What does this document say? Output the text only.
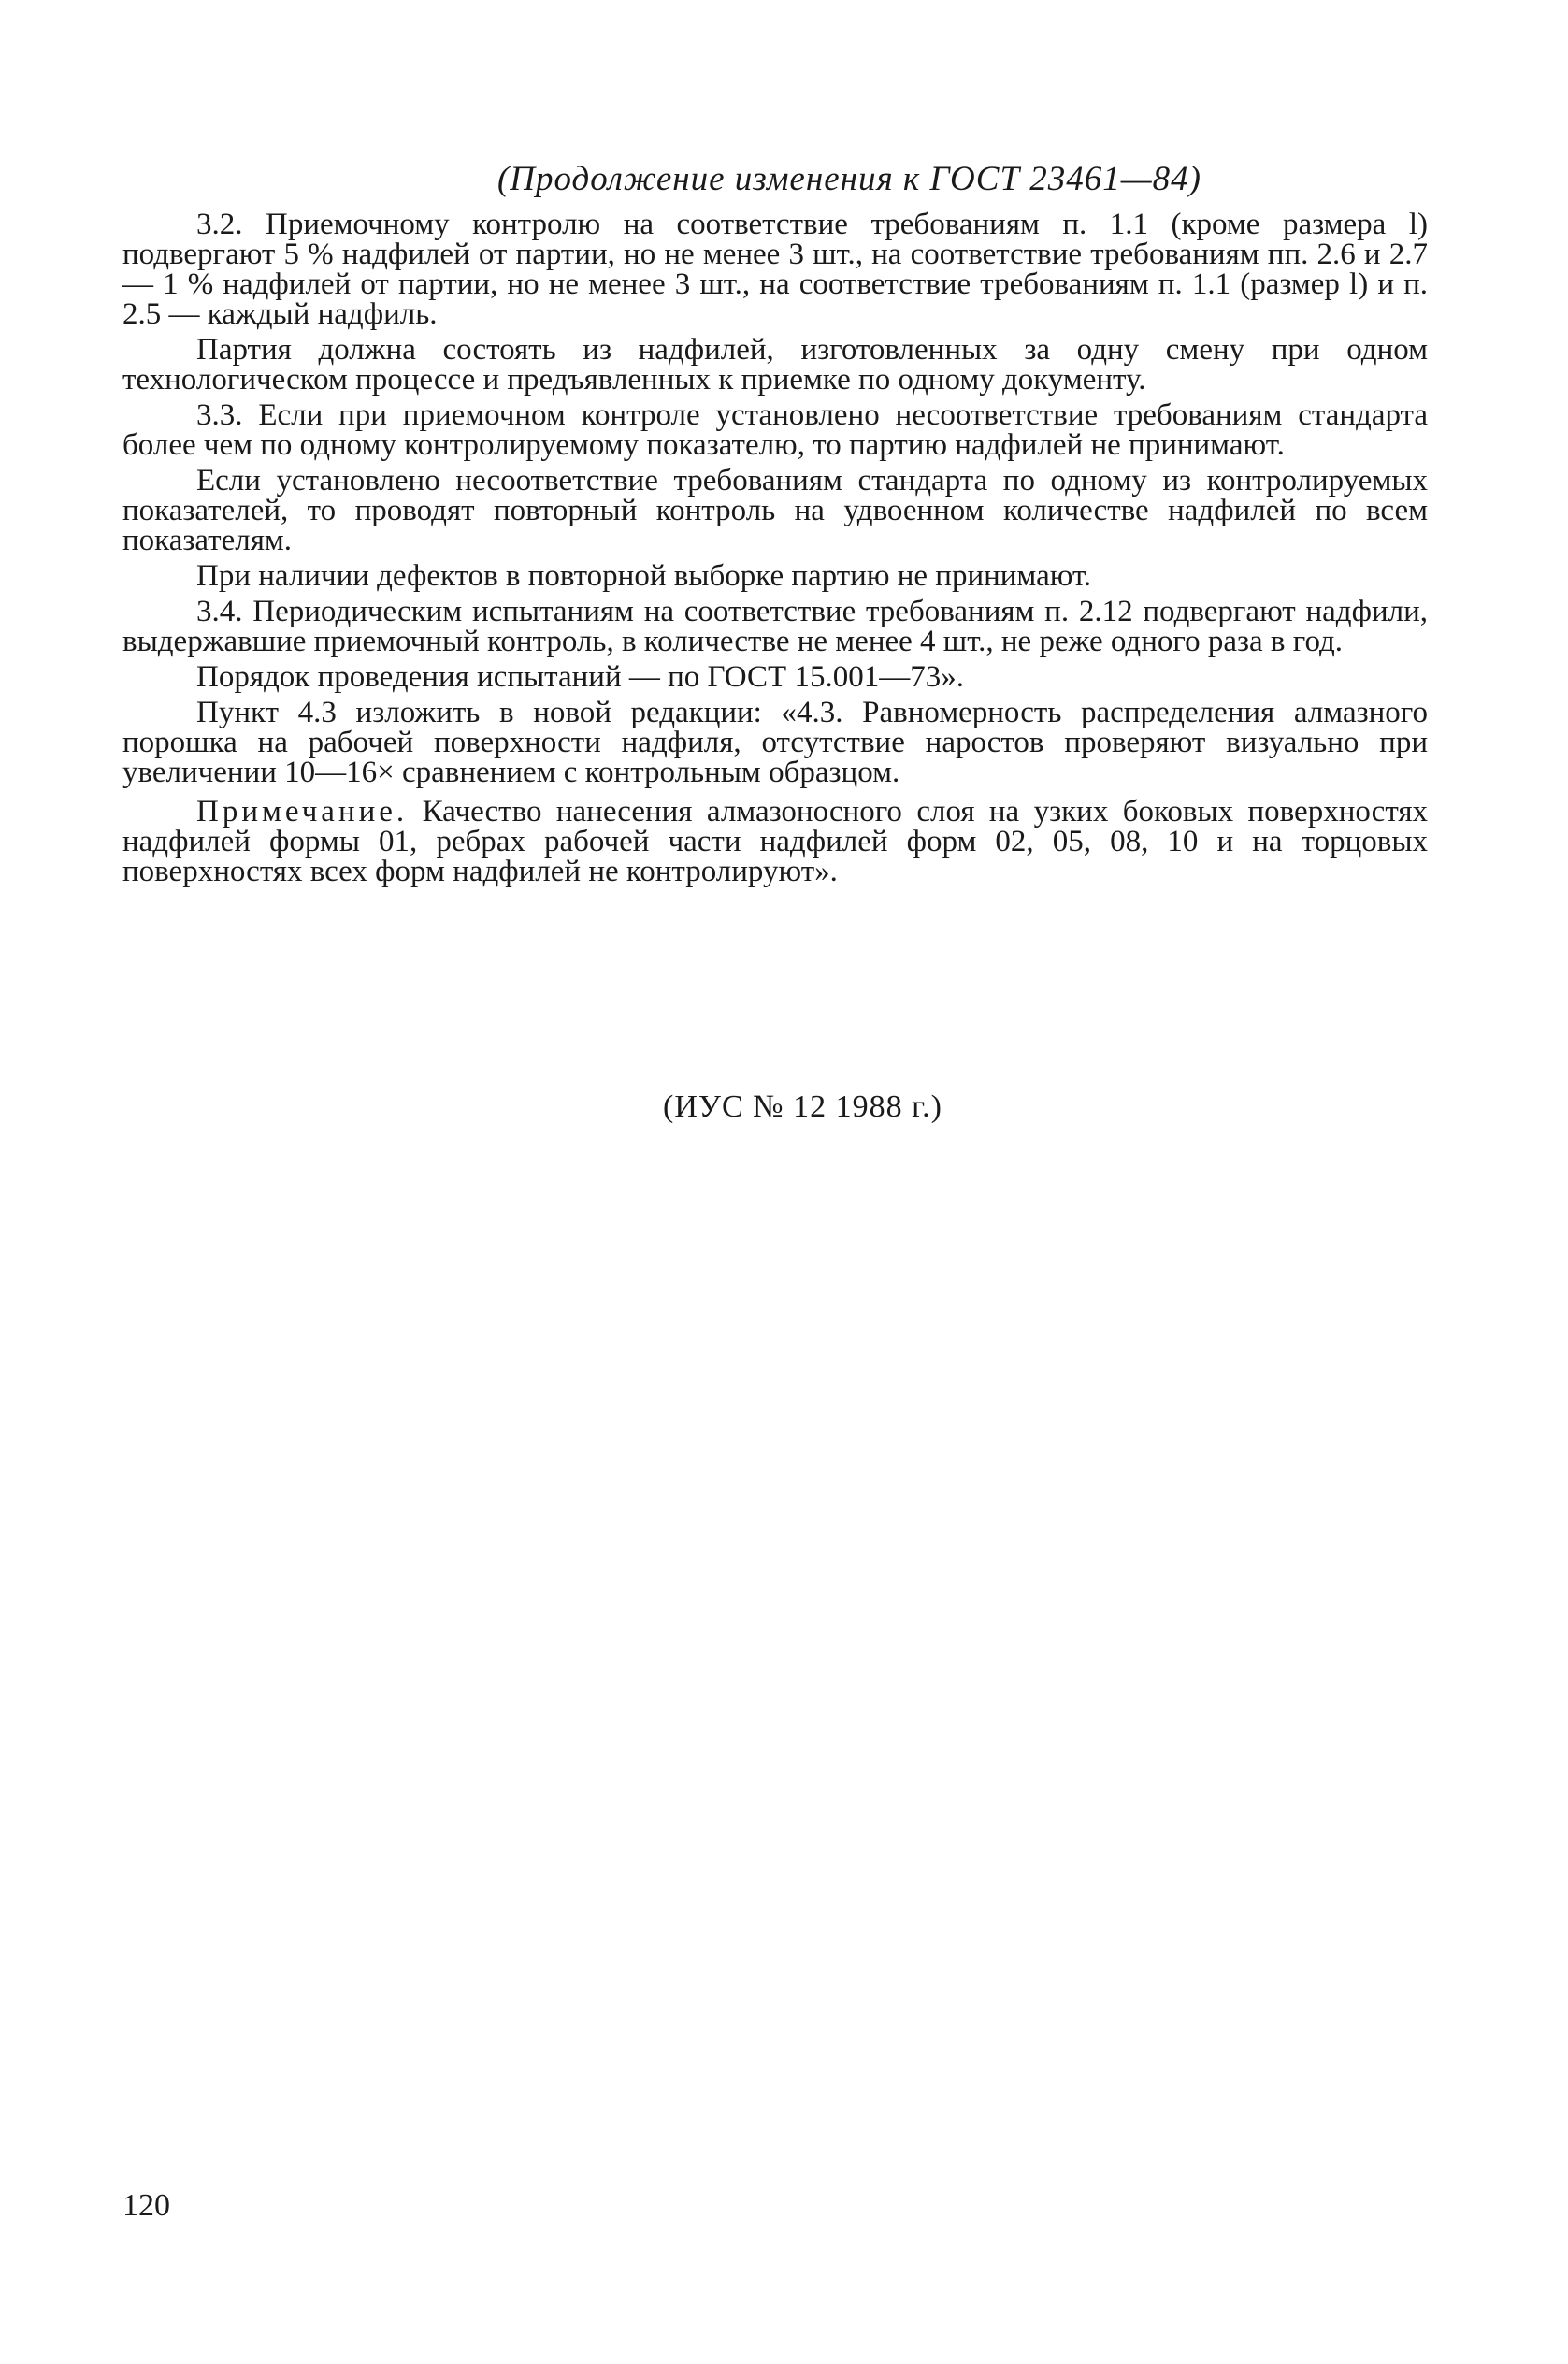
(Продолжение изменения к ГОСТ 23461—84)

3.2. Приемочному контролю на соответствие требованиям п. 1.1 (кроме размера l) подвергают 5 % надфилей от партии, но не менее 3 шт., на соответствие требованиям пп. 2.6 и 2.7 — 1 % надфилей от партии, но не менее 3 шт., на соответствие требованиям п. 1.1 (размер l) и п. 2.5 — каждый надфиль.

Партия должна состоять из надфилей, изготовленных за одну смену при одном технологическом процессе и предъявленных к приемке по одному документу.

3.3. Если при приемочном контроле установлено несоответствие требованиям стандарта более чем по одному контролируемому показателю, то партию надфилей не принимают.

Если установлено несоответствие требованиям стандарта по одному из контролируемых показателей, то проводят повторный контроль на удвоенном количестве надфилей по всем показателям.

При наличии дефектов в повторной выборке партию не принимают.

3.4. Периодическим испытаниям на соответствие требованиям п. 2.12 подвергают надфили, выдержавшие приемочный контроль, в количестве не менее 4 шт., не реже одного раза в год.

Порядок проведения испытаний — по ГОСТ 15.001—73».

Пункт 4.3 изложить в новой редакции: «4.3. Равномерность распределения алмазного порошка на рабочей поверхности надфиля, отсутствие наростов проверяют визуально при увеличении 10—16× сравнением с контрольным образцом.

Примечание. Качество нанесения алмазоносного слоя на узких боковых поверхностях надфилей формы 01, ребрах рабочей части надфилей форм 02, 05, 08, 10 и на торцовых поверхностях всех форм надфилей не контролируют».

(ИУС № 12 1988 г.)
120
